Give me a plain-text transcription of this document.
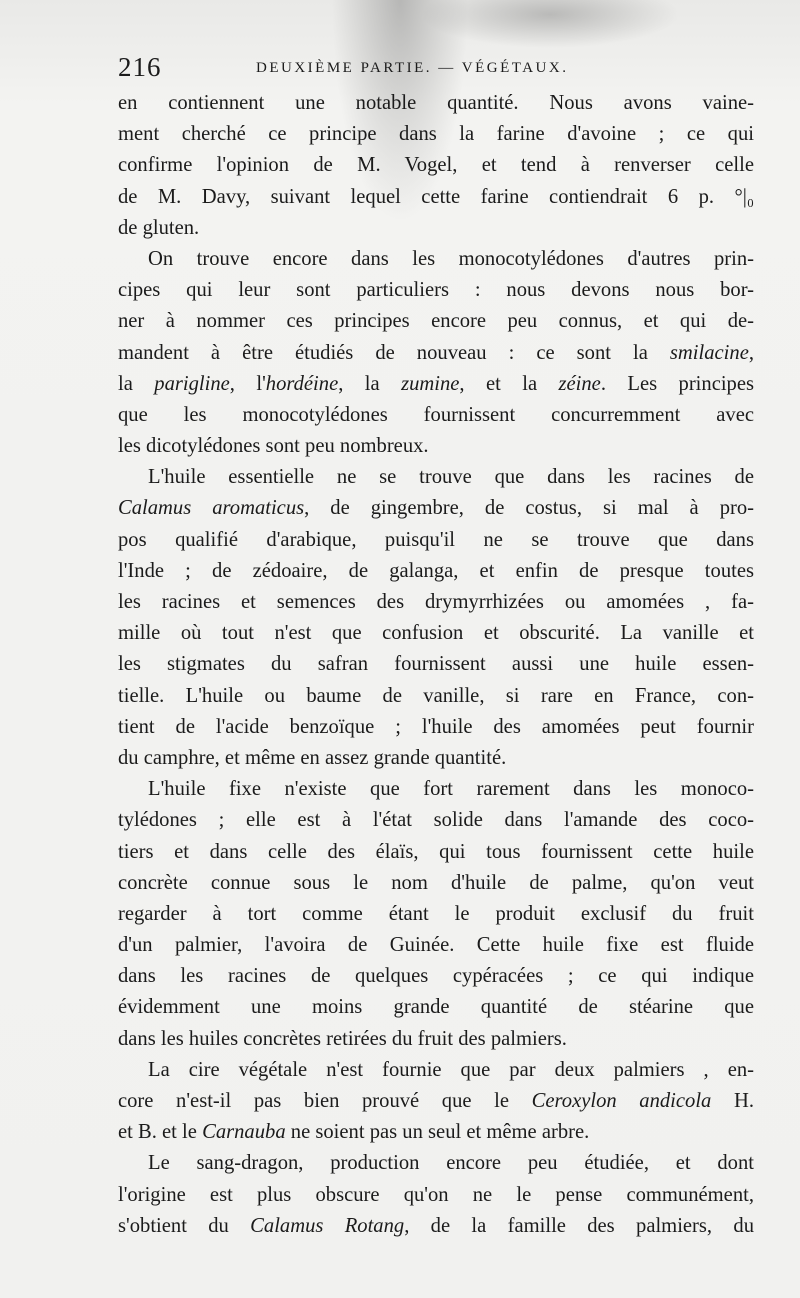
216	DEUXIÈME PARTIE. — VÉGÉTAUX.
en contiennent une notable quantité. Nous avons vaine-
ment cherché ce principe dans la farine d'avoine ; ce qui
confirme l'opinion de M. Vogel, et tend à renverser celle
de M. Davy, suivant lequel cette farine contiendrait 6 p. °|₀
de gluten.
On trouve encore dans les monocotylédones d'autres prin-
cipes qui leur sont particuliers : nous devons nous bor-
ner à nommer ces principes encore peu connus, et qui de-
mandent à être étudiés de nouveau : ce sont la smilacine,
la parigline, l'hordéine, la zumine, et la zéine. Les principes
que les monocotylédones fournissent concurremment avec
les dicotylédones sont peu nombreux.
L'huile essentielle ne se trouve que dans les racines de
Calamus aromaticus, de gingembre, de costus, si mal à pro-
pos qualifié d'arabique, puisqu'il ne se trouve que dans
l'Inde ; de zédoaire, de galanga, et enfin de presque toutes
les racines et semences des drymyrrhizées ou amomées , fa-
mille où tout n'est que confusion et obscurité. La vanille et
les stigmates du safran fournissent aussi une huile essen-
tielle. L'huile ou baume de vanille, si rare en France, con-
tient de l'acide benzoïque ; l'huile des amomées peut fournir
du camphre, et même en assez grande quantité.
L'huile fixe n'existe que fort rarement dans les monoco-
tylédones ; elle est à l'état solide dans l'amande des coco-
tiers et dans celle des élaïs, qui tous fournissent cette huile
concrète connue sous le nom d'huile de palme, qu'on veut
regarder à tort comme étant le produit exclusif du fruit
d'un palmier, l'avoira de Guinée. Cette huile fixe est fluide
dans les racines de quelques cypéracées ; ce qui indique
évidemment une moins grande quantité de stéarine que
dans les huiles concrètes retirées du fruit des palmiers.
La cire végétale n'est fournie que par deux palmiers , en-
core n'est-il pas bien prouvé que le Ceroxylon andicola H.
et B. et le Carnauba ne soient pas un seul et même arbre.
Le sang-dragon, production encore peu étudiée, et dont
l'origine est plus obscure qu'on ne le pense communément,
s'obtient du Calamus Rotang, de la famille des palmiers, du
